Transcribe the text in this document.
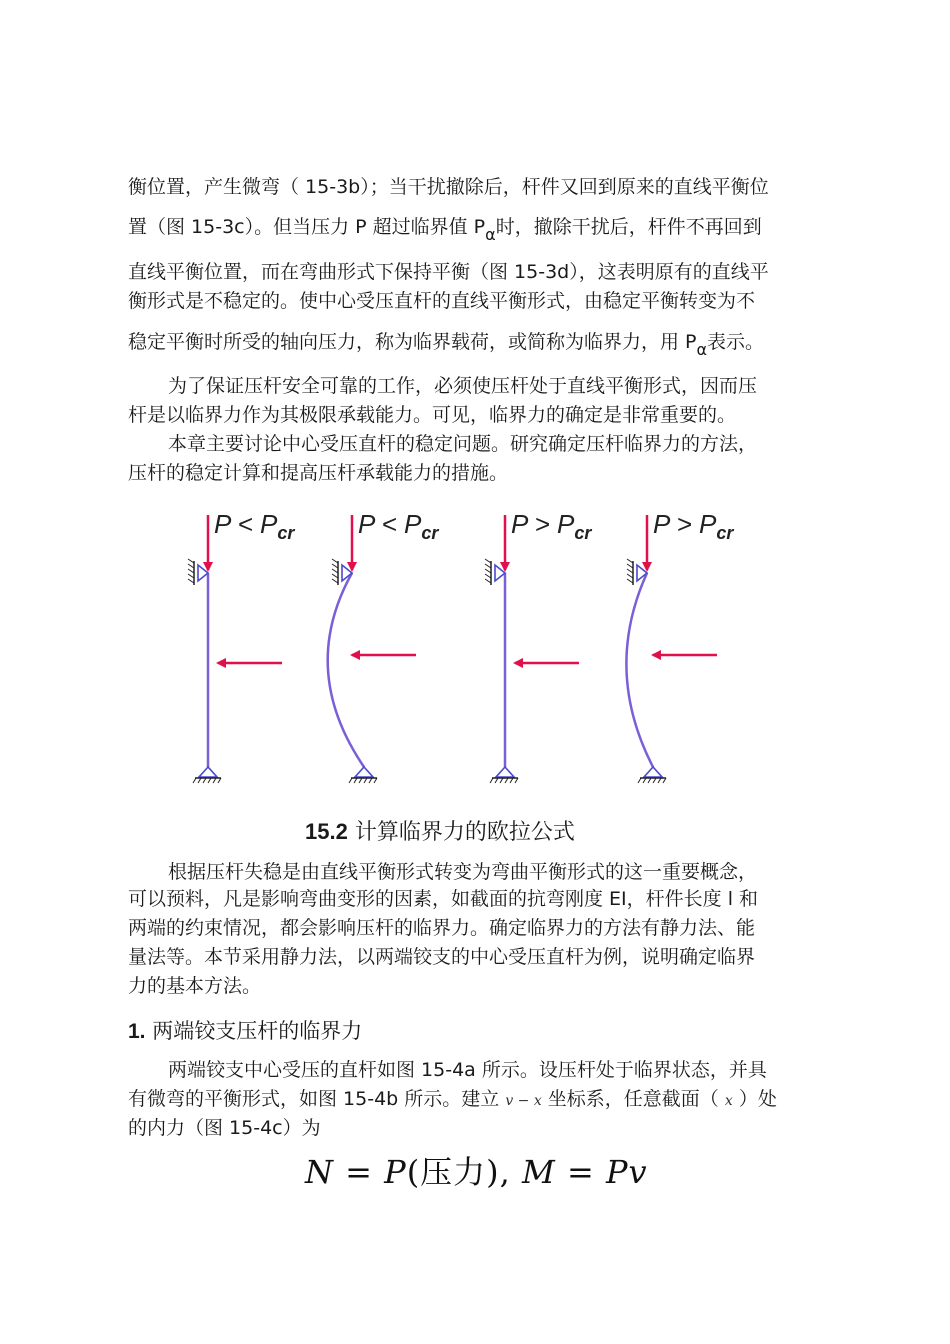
衡位置，产生微弯（ 15-3b）；当干扰撤除后，杆件又回到原来的直线平衡位
置（图 15-3c）。但当压力 P 超过临界值 $P_\alpha$时，撤除干扰后，杆件不再回到
直线平衡位置，而在弯曲形式下保持平衡（图 15-3d），这表明原有的直线平
衡形式是不稳定的。使中心受压直杆的直线平衡形式，由稳定平衡转变为不
稳定平衡时所受的轴向压力，称为临界载荷，或简称为临界力，用 $P_\alpha$表示。
为了保证压杆安全可靠的工作，必须使压杆处于直线平衡形式，因而压
杆是以临界力作为其极限承载能力。可见，临界力的确定是非常重要的。
本章主要讨论中心受压直杆的稳定问题。研究确定压杆临界力的方法，
压杆的稳定计算和提高压杆承载能力的措施。
$P < P_{cr}$ $P < P_{cr}$	$P > P_{cr}$ $P > P_{cr}$
15.2 计算临界力的欧拉公式
根据压杆失稳是由直线平衡形式转变为弯曲平衡形式的这一重要概念，
可以预料，凡是影响弯曲变形的因素，如截面的抗弯刚度 EI，杆件长度 l 和
两端的约束情况，都会影响压杆的临界力。确定临界力的方法有静力法、能
量法等。本节采用静力法，以两端铰支的中心受压直杆为例，说明确定临界
力的基本方法。
1. 两端铰支压杆的临界力
两端铰支中心受压的直杆如图 15-4a 所示。设压杆处于临界状态，并具
有微弯的平衡形式，如图 15-4b 所示。建立 v − x 坐标系，任意截面（ x ）处
的内力（图 15-4c）为
N = P(压力), M = Pv
